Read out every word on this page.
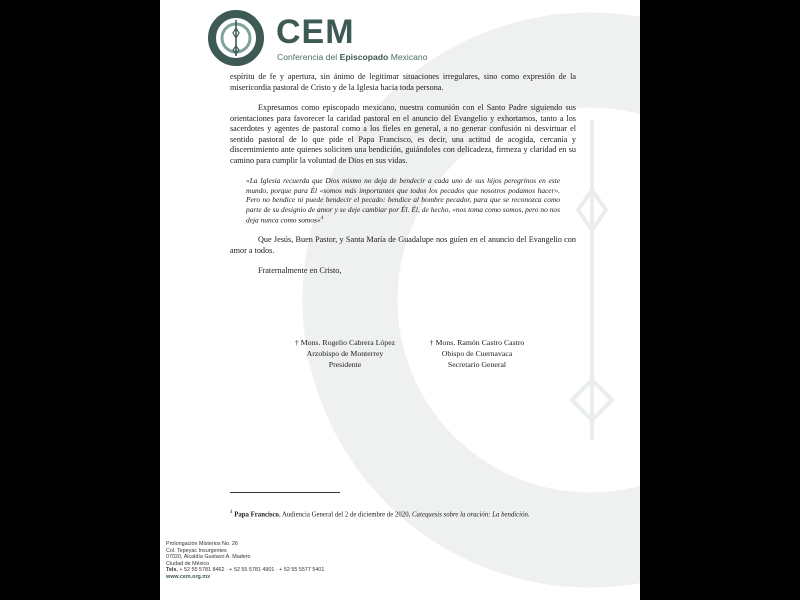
CEM
Conferencia del Episcopado Mexicano

espíritu de fe y apertura, sin ánimo de legitimar situaciones irregulares, sino como expresión de la misericordia pastoral de Cristo y de la Iglesia hacia toda persona.

Expresamos como episcopado mexicano, nuestra comunión con el Santo Padre siguiendo sus orientaciones para favorecer la caridad pastoral en el anuncio del Evangelio y exhortamos, tanto a los sacerdotes y agentes de pastoral como a los fieles en general, a no generar confusión ni desvirtuar el sentido pastoral de lo que pide el Papa Francisco, es decir, una actitud de acogida, cercanía y discernimiento ante quienes soliciten una bendición, guiándoles con delicadeza, firmeza y claridad en su camino para cumplir la voluntad de Dios en sus vidas.

«La Iglesia recuerda que Dios mismo no deja de bendecir a cada uno de sus hijos peregrinos en este mundo, porque para Él «somos más importantes que todos los pecados que nosotros podamos hacer». Pero no bendice ni puede bendecir el pecado: bendice al hombre pecador, para que se reconozca como parte de su designio de amor y se deje cambiar por Él. Él, de hecho, «nos toma como somos, pero no nos deja nunca como somos»$^4$

Que Jesús, Buen Pastor, y Santa María de Guadalupe nos guíen en el anuncio del Evangelio con amor a todos.

Fraternalmente en Cristo,

† Mons. Rogelio Cabrera López
Arzobispo de Monterrey
Presidente
† Mons. Ramón Castro Castro
Obispo de Cuernavaca
Secretario General
$^4$ Papa Francisco, Audiencia General del 2 de diciembre de 2020, Catequesis sobre la oración: La bendición.
Prolongación Misterios No. 26
Col. Tepeyac Insurgentes
07020, Alcaldía Gustavo A. Madero
Ciudad de México
Tels. + 52 55 5781 8462 · + 52 55 5781 4901 · + 52 55 5577 5401
www.cem.org.mx
